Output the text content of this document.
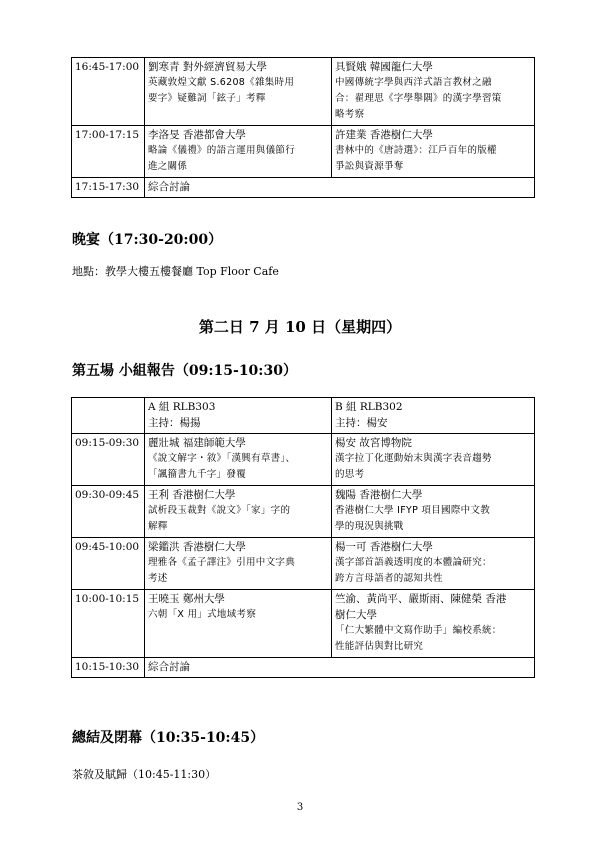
16:45-17:00	劉寒青 對外經濟貿易大學
英藏敦煌文獻 S.6208《雜集時用
要字》疑難詞「鉉子」考釋	具賢娥 韓國龍仁大學
中國傳統字學與西洋式語言教材之融
合：翟理思《字學舉隅》的漢字學習策
略考察

17:00-17:15	李洛旻 香港都會大學
略論《儀禮》的語言運用與儀節行
進之關係	許建業 香港樹仁大學
書林中的《唐詩選》：江戶百年的版權
爭訟與資源爭奪

17:15-17:30	綜合討論	

晚宴（17:30-20:00）

地點：教學大樓五樓餐廳 Top Floor Cafe

第二日 7 月 10 日（星期四）

第五場 小組報告（09:15-10:30）

	A 組 RLB303
主持：楊揚	B 組 RLB302
主持：楊安

09:15-09:30	麗壯城 福建師範大學
《說文解字・敘》「漢興有草書」、
「諷籀書九千字」發覆	楊安 故宮博物院
漢字拉丁化運動始末與漢字表音趨勢
的思考

09:30-09:45	王利 香港樹仁大學
試析段玉裁對《說文》「家」字的
解釋	魏陽 香港樹仁大學
香港樹仁大學 IFYP 項目國際中文教
學的現況與挑戰

09:45-10:00	梁鑑洪 香港樹仁大學
理雅各《孟子譯注》引用中文字典
考述	楊一可 香港樹仁大學
漢字部首語義透明度的本體論研究：
跨方言母語者的認知共性

10:00-10:15	王曉玉 鄭州大學
六朝「X 用」式地域考察	竺渝、黃尚平、嚴斯雨、陳健榮 香港
樹仁大學
「仁大繁體中文寫作助手」編校系統：
性能評估與對比研究

10:15-10:30	綜合討論	

總結及閉幕（10:35-10:45）

茶敘及賦歸（10:45-11:30）

3
